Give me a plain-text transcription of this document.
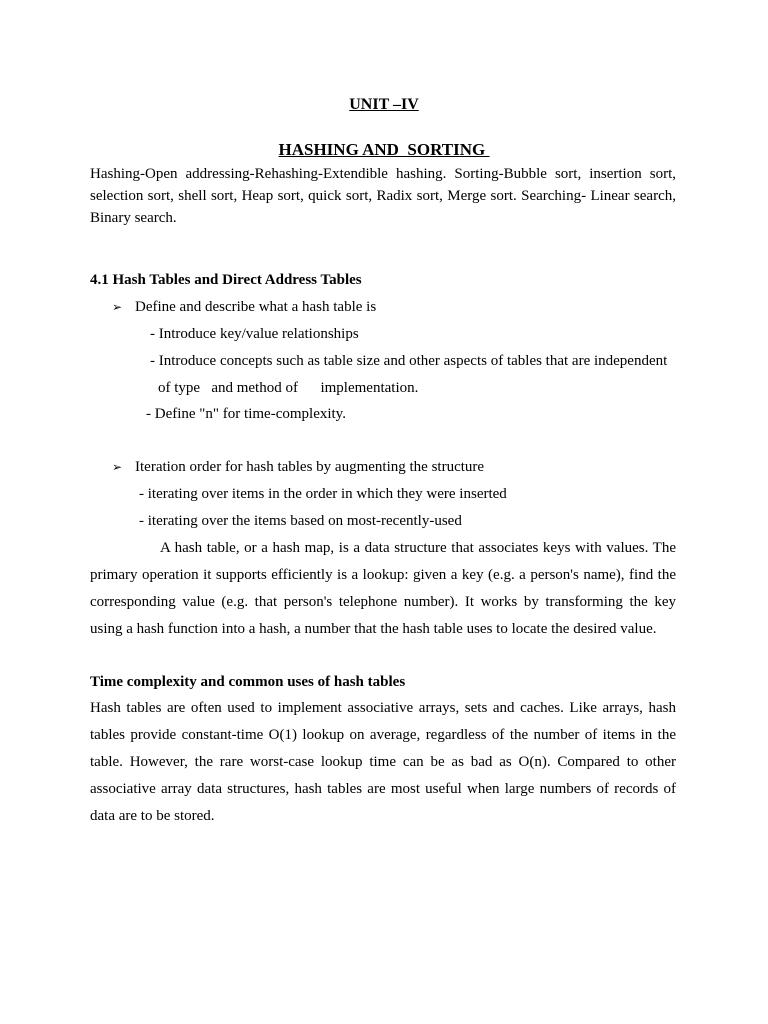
UNIT –IV
HASHING AND  SORTING

Hashing-Open addressing-Rehashing-Extendible hashing. Sorting-Bubble sort, insertion sort, selection sort, shell sort, Heap sort, quick sort, Radix sort, Merge sort. Searching- Linear search, Binary search.

4.1 Hash Tables and Direct Address Tables
➢ Define and describe what a hash table is
- Introduce key/value relationships
- Introduce concepts such as table size and other aspects of tables that are independent
of type   and method of      implementation.
- Define "n" for time-complexity.
➢ Iteration order for hash tables by augmenting the structure
- iterating over items in the order in which they were inserted
- iterating over the items based on most-recently-used

A hash table, or a hash map, is a data structure that associates keys with values. The primary operation it supports efficiently is a lookup: given a key (e.g. a person's name), find the corresponding value (e.g. that person's telephone number). It works by transforming the key using a hash function into a hash, a number that the hash table uses to locate the desired value.

Time complexity and common uses of hash tables

Hash tables are often used to implement associative arrays, sets and caches. Like arrays, hash tables provide constant-time O(1) lookup on average, regardless of the number of items in the table. However, the rare worst-case lookup time can be as bad as O(n). Compared to other associative array data structures, hash tables are most useful when large numbers of records of data are to be stored.
